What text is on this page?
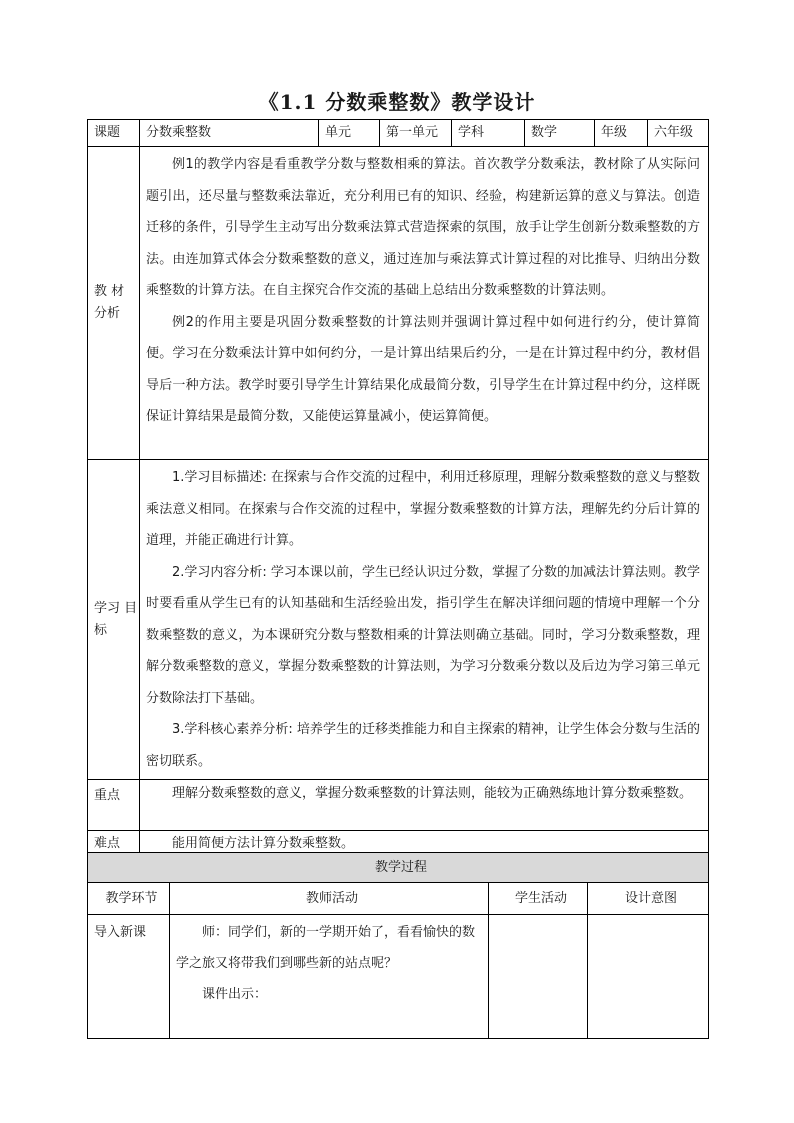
《1.1 分数乘整数》教学设计
课题	分数乘整数	单元	第一单元	学科	数学	年级	六年级
教 材 分析	例1的教学内容是看重教学分数与整数相乘的算法。首次教学分数乘法，教材除了从实际问题引出，还尽量与整数乘法靠近，充分利用已有的知识、经验，构建新运算的意义与算法。创造迁移的条件，引导学生主动写出分数乘法算式营造探索的氛围，放手让学生创新分数乘整数的方法。由连加算式体会分数乘整数的意义，通过连加与乘法算式计算过程的对比推导、归纳出分数乘整数的计算方法。在自主探究合作交流的基础上总结出分数乘整数的计算法则。

例2的作用主要是巩固分数乘整数的计算法则并强调计算过程中如何进行约分，使计算简便。学习在分数乘法计算中如何约分，一是计算出结果后约分，一是在计算过程中约分，教材倡导后一种方法。教学时要引导学生计算结果化成最简分数，引导学生在计算过程中约分，这样既保证计算结果是最简分数，又能使运算量减小，使运算简便。						

学习 目标	1.学习目标描述: 在探索与合作交流的过程中，利用迁移原理，理解分数乘整数的意义与整数乘法意义相同。在探索与合作交流的过程中，掌握分数乘整数的计算方法，理解先约分后计算的道理，并能正确进行计算。

2.学习内容分析: 学习本课以前，学生已经认识过分数，掌握了分数的加减法计算法则。教学时要看重从学生已有的认知基础和生活经验出发，指引学生在解决详细问题的情境中理解一个分数乘整数的意义，为本课研究分数与整数相乘的计算法则确立基础。同时，学习分数乘整数，理解分数乘整数的意义，掌握分数乘整数的计算法则，为学习分数乘分数以及后边为学习第三单元分数除法打下基础。

3.学科核心素养分析: 培养学生的迁移类推能力和自主探索的精神，让学生体会分数与生活的密切联系。						

重点	理解分数乘整数的意义，掌握分数乘整数的计算法则，能较为正确熟练地计算分数乘整数。						

难点	能用简便方法计算分数乘整数。						

教学过程			
教学环节	教师活动	学生活动	设计意图
导入新课	师：同学们，新的一学期开始了，看看愉快的数学之旅又将带我们到哪些新的站点呢？

课件出示：		
